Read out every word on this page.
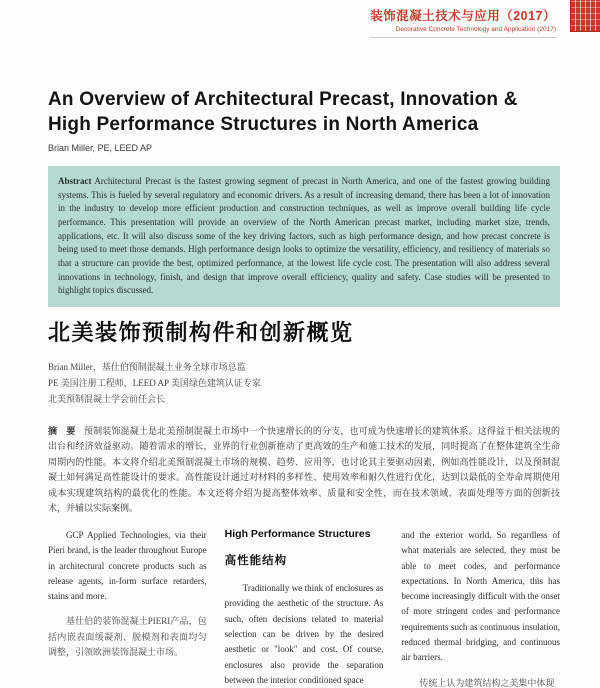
装饰混凝土技术与应用（2017）
Decorative Concrete Technology and Application (2017)
An Overview of Architectural Precast, Innovation & High Performance Structures in North America
Brian Miller, PE, LEED AP
Abstract Architectural Precast is the fastest growing segment of precast in North America, and one of the fastest growing building systems. This is fueled by several regulatory and economic drivers. As a result of increasing demand, there has been a lot of innovation in the industry to develop more efficient production and construction techniques, as well as improve overall building life cycle performance. This presentation will provide an overview of the North American precast market, including market size, trends, applications, etc. It will also discuss some of the key driving factors, such as high performance design, and how precast concrete is being used to meet those demands. High performance design looks to optimize the versatility, efficiency, and resiliency of materials so that a structure can provide the best, optimized performance, at the lowest life cycle cost. The presentation will also address several innovations in technology, finish, and design that improve overall efficiency, quality and safety. Case studies will be presented to highlight topics discussed.
北美装饰预制构件和创新概览
Brian Miller，基仕伯预制混凝土业务全球市场总监
PE 美国注册工程师，LEED AP 美国绿色建筑认证专家
北美预制混凝土学会前任会长
摘　要 预制装饰混凝土是北美预制混凝土市场中一个快速增长的的分支，也可成为快速增长的建筑体系。这得益于相关法规的出台和经济效益驱动。随着需求的增长，业界的行业创新推动了更高效的生产和施工技术的发展，同时提高了在整体建筑全生命周期内的性能。本文将介绍北美预制混凝土市场的规模、趋势、应用等，也讨论其主要驱动因素，例如高性能设计，以及预制混凝土如何满足高性能设计的要求。高性能设计通过对材料的多样性、使用效率和耐久性进行优化，达到以最低的全寿命周期使用成本实现建筑结构的最优化的性能。本文还将介绍为提高整体效率、质量和安全性，而在技术领域、表面处理等方面的创新技术，并辅以实际案例。

GCP Applied Technologies, via their Pieri brand, is the leader throughout Europe in architectural concrete products such as release agents, in-form surface retarders, stains and more.

基仕伯的装饰混凝土PIERI产品，包括内嵌表面缓凝剂、脱模剂和表面均匀调整，引领欧洲装饰混凝土市场。

High Performance Structures

高性能结构

Traditionally we think of enclosures as providing the aesthetic of the structure. As such, often decisions related to material selection can be driven by the desired aesthetic or "look" and cost. Of course, enclosures also provide the separation between the interior conditioned space

and the exterior world. So regardless of what materials are selected, they must be able to meet codes, and performance expectations. In North America, this has become increasingly difficult with the onset of more stringent codes and performance requirements such as continuous insulation, reduced thermal bridging, and continuous air barriers.

传统上认为建筑结构之美集中体现
